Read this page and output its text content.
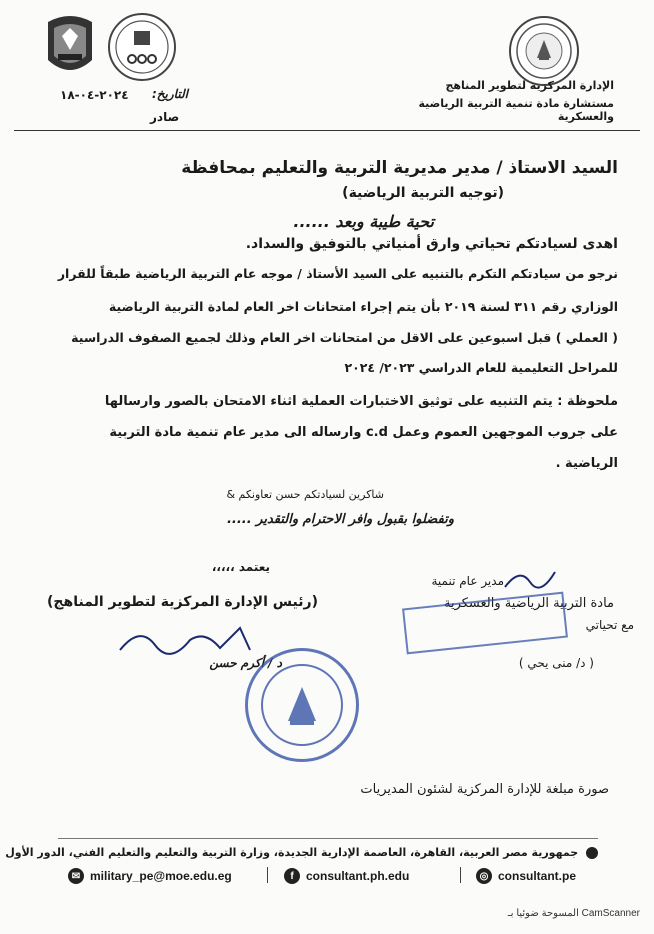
الإدارة المركزية لتطوير المناهج
مستشارة مادة تنمية التربية الرياضية والعسكرية
التاريخ:
٢٠٢٤-٠٤-١٨
صادر
السيد الاستاذ / مدير مديرية التربية والتعليم بمحافظة
(توجيه التربية الرياضية)
تحية طيبة وبعد ......
اهدى لسيادتكم تحياتي وارق أمنياتي بالتوفيق والسداد.
نرجو من سيادتكم التكرم بالتنبيه على السيد الأستاذ / موجه عام التربية الرياضية طبقاً للقرار
الوزاري رقم ٣١١ لسنة ٢٠١٩ بأن يتم إجراء امتحانات اخر العام لمادة التربية الرياضية
( العملي ) قبل اسبوعين على الاقل من امتحانات اخر العام وذلك لجميع الصفوف الدراسية
للمراحل التعليمية للعام الدراسي ٢٠٢٣/ ٢٠٢٤
ملحوظة : يتم التنبيه على توثيق الاختبارات العملية اثناء الامتحان بالصور وارسالها
على جروب الموجهين العموم وعمل c.d وارساله الى مدير عام تنمية مادة التربية
الرياضية .
شاكرين لسيادتكم حسن تعاونكم &
وتفضلوا بقبول وافر الاحترام والتقدير .....
يعتمد ،،،،،
(رئيس الإدارة المركزية لتطوير المناهج)
د / أكرم حسن
مدير عام تنمية
مادة التربية الرياضية والعسكرية
مع تحياتي
( د/ منى يحي )
صورة مبلغة للإدارة المركزية لشئون المديريات
جمهورية مصر العربية، القاهرة، العاصمة الإدارية الجديدة، وزارة التربية والتعليم والتعليم الفني، الدور الأول
✉ military_pe@moe.edu.eg	f	consultant.ph.edu	◎ consultant.pe
المسوحة ضوئيا بـ CamScanner
